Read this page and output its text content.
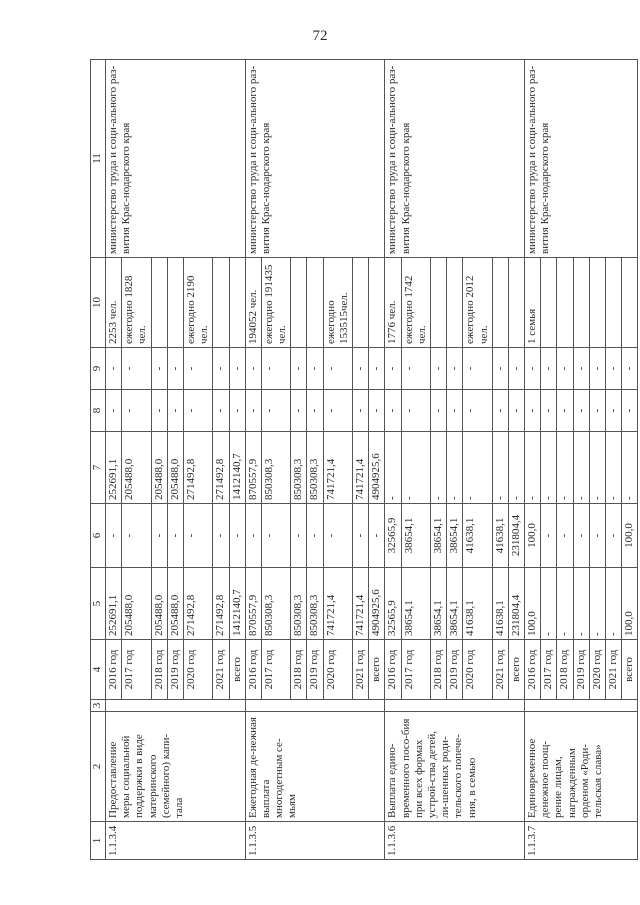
72
1	2	3	4	5	6	7	8	9	10	11
1.1.3.4	Предоставление меры социальной поддержки в виде материнского (семейного) капи-тала		2016 год	252691,1	-	252691,1	-	-	2253 чел.	министерство труда и соци-ального раз-вития Крас-нодарского края
			2017 год	205488,0	-	205488,0	-	-	ежегодно 1828 чел.	
			2018 год	205488,0	-	205488,0	-	-		
			2019 год	205488,0	-	205488,0	-	-		
			2020 год	271492,8	-	271492,8	-	-	ежегодно 2190 чел.	
			2021 год	271492,8	-	271492,8	-	-		
			всего	1412140,7	-	1412140,7	-	-		
1.1.3.5	Ежегодная де-нежная выплата многодетным се-мьям		2016 год	870557,9	-	870557,9	-	-	194052 чел.	министерство труда и соци-ального раз-вития Крас-нодарского края
			2017 год	850308,3	-	850308,3	-	-	ежегодно 191435 чел.	
			2018 год	850308,3	-	850308,3	-	-		
			2019 год	850308,3	-	850308,3	-	-		
			2020 год	741721,4	-	741721,4	-	-	ежегодно 153515чел.	
			2021 год	741721,4	-	741721,4	-	-		
			всего	4904925,6	-	4904925,6	-	-		
1.1.3.6	Выплата едино-временного посо-бия при всех формах устрой-ства детей, ли-шенных роди-тельского попече-ния, в семью		2016 год	32565,9	32565,9	-	-	-	1776 чел.	министерство труда и соци-ального раз-вития Крас-нодарского края
			2017 год	38654,1	38654,1	-	-	-	ежегодно 1742 чел.	
			2018 год	38654,1	38654,1	-	-	-		
			2019 год	38654,1	38654,1	-	-	-		
			2020 год	41638,1	41638,1	-	-	-	ежегодно 2012 чел.	
			2021 год	41638,1	41638,1	-	-	-		
			всего	231804,4	231804,4	-	-	-		
1.1.3.7	Единовременное денежное поощ-рение лицам, награжденным орденом «Роди-тельская слава»		2016 год	100,0	100,0	-	-	-	1 семья	министерство труда и соци-ального раз-вития Крас-нодарского края
			2017 год	-	-	-	-	-		
			2018 год	-	-	-	-	-		
			2019 год	-	-	-	-	-		
			2020 год	-	-	-	-	-		
			2021 год	-	-	-	-	-		
			всего	100,0	100,0	-	-	-		
